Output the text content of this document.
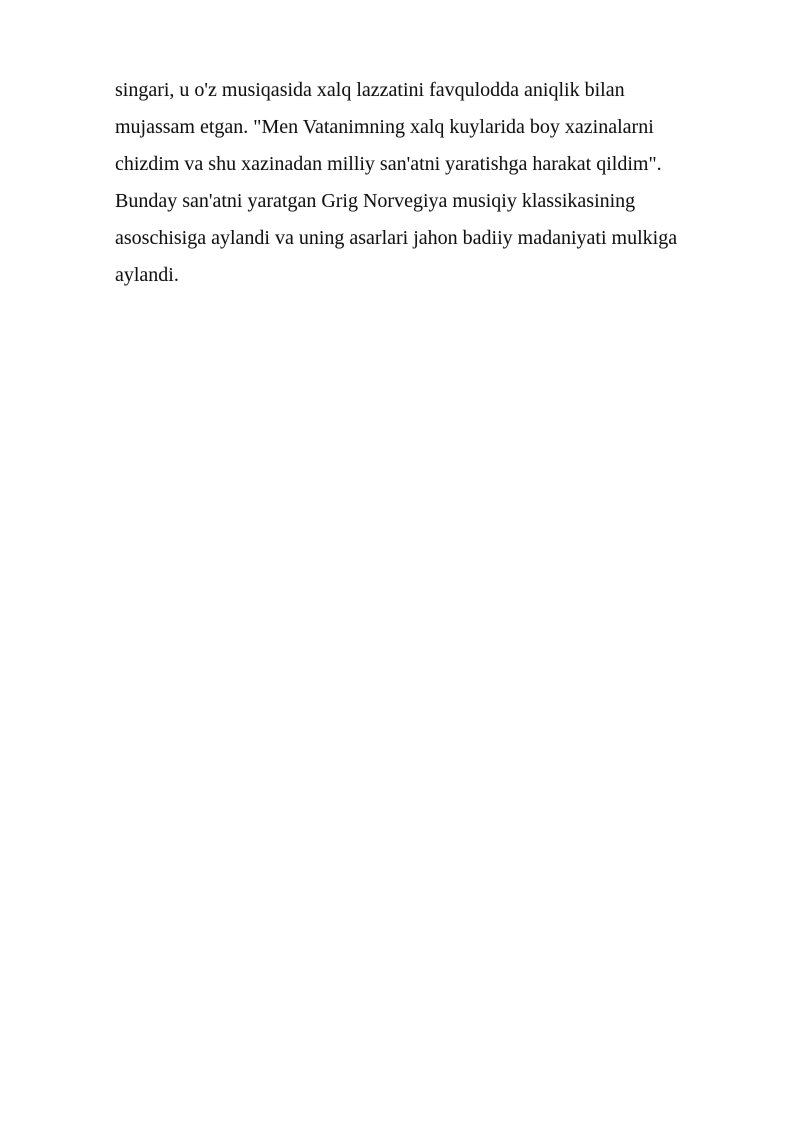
singari, u o'z musiqasida xalq lazzatini favqulodda aniqlik bilan
mujassam etgan. "Men Vatanimning xalq kuylarida boy xazinalarni
chizdim va shu xazinadan milliy san'atni yaratishga harakat qildim".
Bunday san'atni yaratgan Grig Norvegiya musiqiy klassikasining
asoschisiga aylandi va uning asarlari jahon badiiy madaniyati mulkiga
aylandi.
